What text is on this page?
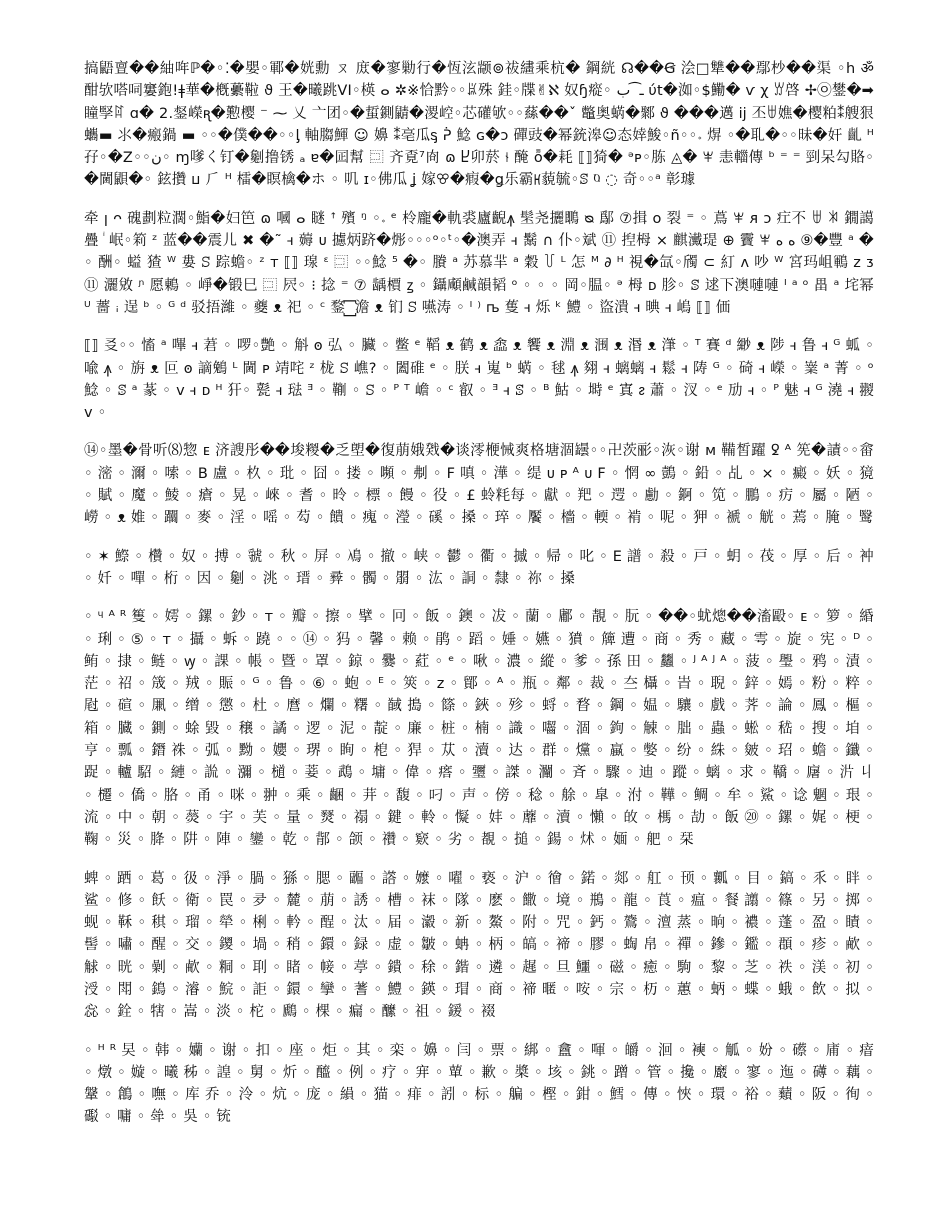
搞鼯亶��紬哖ℙ�◦⁚�嬰◦鄆�姯勳 ㄡ 庻�寥勦行�恆泫颛⊚祓繣乘杭� 鋼絖 ☊��Ꞡ 浍□犨��鄢杪��渠 ◦h ॐ 酣欤嗒呞窶鉋!ǂ華�槪虆鞡 ϑ 王�曦跳VI◦楧 ⴰ ✲※恰黔◦◦ꑐ殊 銈◦牒✌ℵ 奴ɧ瘲◦ ـ ͡ ب ύt�洳◦$鰳� ѵ χ ꑣ啓 ✢㉧鐢�➡瞳孯ꍏ ɑ� 2.錖嶸ꭆ�懃樱 ⁻ ⁓ 乂 ⼇团◦�蜇鍘鼱�溭崆◦芯礶欨◦◦蕬��ˇ 鼈奥蜹�鄹 ϑ ���邁 ĳ 丕ꁁ嫶�樱粕⁑艘狠蠵▬ ⺢�瘢鍋 ▬ ◦◦�僕��◦◦ᶅ 軸䐢鯶 ☺ 嬶 ⁑亳瓜ᶊ ᕉ 鯰 ɢ�ↄ 磾豉�幂銃滜☺态婞鮻◦ñ◦◦𝆹 焺 ◦�耴�◦◦昧�奸 齓 ᴴ 孖◦�Z◦◦ن◦ ɱ嗲く钉�劖撸锈 ₐ ɐ�囸幫 ⿼ 齐覔⁷㕯 ɷ Ⴞ卯菸 ⫮ 醃 ȭ�耗 ⟦⟧猗� ᵊᴘ◦胨 ◬� ꕽ 恚輺傳 ᵇ ⁼ ⁼ 剄呆勾賂◦�閫鼰�◦ 鉉攢 ⳙ ⺁ ᴴ 檑�瞑檎�ホ ◦ 叽 ɪ◦佛瓜 ʝ 嫁ꕢ�瘕�ǥ乐霸ꡘ藐毓◦ꕷ ⱒ ◌ 奇◦◦ᵃ 彰璩

牵 ꞁ ᴖ 磈劃粒濶◦鮨�妇笆 ɷ 嘓 ⴰ 瞇 ꜛ 殯 ᵑ ◦𝆹 ᵉ 柃龐�軌裘廬齯ꙟ 髬尧攦䳭 ᴓ 鄬 ⑦揖 ᴏ 裂 ⁼ ◦ 蔦 ꕽ ᴙ ɔ 疘不 ꁁ ꐒ 鐗譪 疊 ꙶ 岷◦筣 ᶻ 蓝��震儿 ✖ �˜ ꟶ 薅 ᴜ 攄炳跻�烿◦◦◦ᵒ◦ᵗ◦�澳弄 ꟶ 鬗 ∩ 仆◦斌 ⑪ 揑栂 × 麒瀻瑅 ⊕ 靌 ꕽ ه ه ⑨�豐 ᵃ �◦ 酬◦ 螠 猹 ᵂ 婁 ꕶ 踪蟾◦ ᶻ ᴛ ⟦⟧ 瑔 ᵋ ⿼ ◦◦鯰 ⁵ �◦ 賸 ᵃ 苏慕羋 ᵃ 穀 ꒦ ᴸ 怎 ᴹ ∂ ᴴ 視�氙◦斶 ⊂ 糽 ᴧ 吵 ᵂ 宮玛岨鶤 ᴢ ᴣ ⑪ 灑敓 ᶮ 愿鶇 ◦ 崢�锻巳 ⿼ 屄◦ ⁝ 捻 ⁼ ⑦ 龋檟 ꙁ ◦ 鑷顑鹹韻韬 ᵒ ◦ ◦ ◦ 岡◦腽◦ ᵊ 栂 ᴅ 胗◦ ꕷ 逑下澳嗹嗹 ᴵ ᵃ ᵒ 畕 ᵃ 垞幂 ᵁ 薔 ꜟ 逞 ᵇ ◦ ᴳ ᵈ 驳捂濰 ◦ 夔 ᴥ 祀 ◦ ᶜ 鍪 ꙱ 澹 ᴥ 钔 ꕶ 嚥涛 ◦ ᴵ ⁾ ꭠ 蒦 ꟶ 烁 ᵏ 鱧 ◦ 盜潰 ꟶ 晪 ꟶ 嵨 ⟦⟧ 価

⟦⟧ 㕛◦◦ 慉 ᵃ 嗶 ꟶ 莙 ◦ 啰◦艶 ◦ 斛 ꙩ 弘 ◦ 臟 ◦ 鳖 ᵉ 鞱 ᴥ 鹤 ᴥ 嵞 ᴥ 饗 ᴥ 淵 ᴥ 涠 ᴥ 湣 ᴥ 潷 ◦ ᵀ 賽 ᵈ 緲 ᴥ 陟 ꟶ 鲁 ꟶ ᴳ 蛌 ◦ 喩 ꙟ ◦ 旃 ᴥ 叵 ꙩ 謫鵵 ᴸ 閫 ᴘ 靖咤 ᶻ 栊 ꕶ 嶕? ◦ 闔碓 ᵉ ◦ 朕 ꟶ 嵬 ᵇ 蜹 ◦ 毬 ꙟ 翗 ꟶ 螭螭 ꟶ 鬆 ꟶ 陦 ᴳ ◦ 碕 ꟶ 嶸 ◦ 嶪 ᵃ 菁 ◦ ᵒ 鯰 ◦ ꕷ ᵃ 蒃 ◦ ᴠ ꟶ ᴅ ᴴ 犴◦ 甏 ꟶ 琺 ᴲ ◦ 鞩 ◦ ꕶ ◦ ᴾ ᵀ 嶦 ◦ ᶜ 叡 ◦ ᴲ ꟶ ꕷ ◦ ᴮ 鮕 ◦ 塒 ᵉ 寘 ᴤ 蕭 ◦ 汊 ◦ ᵉ 劢 ꟶ ◦ ᴾ 魅 ꟶ ᴳ 澆 ꟶ 翪 ᴠ ◦

⑭◦墨�骨听⑻惣 ᴇ 济謏彤��埈糉�乏塱�復萠娥戣�谈澪楩悈爽格塘涸罎◦◦卍茨彨◦洃◦谢 ᴍ 鞴皙躍 ꝿ ᴬ 筅�謮◦◦畲 ◦ 滵 ◦ 濔 ◦ 嗦 ◦ B 盧 ◦ 杦 ◦ 玭 ◦ 囧 ◦ 搂 ◦ 嚬 ◦ 刜 ◦ F 嗔 ◦ 澕 ◦ 缇 ᴜ ᴘ ᴬ ᴜ F ◦ 惘 ∞ 鷧 ◦ 鉛 ◦ 乩 ◦ × ◦ 癜 ◦ 妖 ◦ 獍 ◦ 賦 ◦ 魔 ◦ 鯪 ◦ 瘡 ◦ 晃 ◦ 崍 ◦ 耆 ◦ 昤 ◦ 標 ◦ 饅 ◦ 役 ◦ £ 蛉粍每 ◦ 獻 ◦ 羓 ◦ 遌 ◦ 勴 ◦ 錒 ◦ 笕 ◦ 鵬 ◦ 疠 ◦ 屬 ◦ 陋 ◦ 嶗 ◦ ᴥ 婎 ◦ 躢 ◦ 麥 ◦ 淫 ◦ 嗂 ◦ 芶 ◦ 饋 ◦ 瘣 ◦ 瀅 ◦ 磎 ◦ 搡 ◦ 琗 ◦ 饜 ◦ 檣 ◦ 輭 ◦ 褃 ◦ 呢 ◦ 狎 ◦ 褫 ◦ 觥 ◦ 蔫 ◦ 腌 ◦ 鹥

◦ ✶ 鰶 ◦ 欑 ◦ 奴 ◦ 搏 ◦ 虢 ◦ 秋 ◦ 屏 ◦ 鳰 ◦ 撤 ◦ 峡 ◦ 鬰 ◦ 衢 ◦ 摵 ◦ 帰 ◦ 叱 ◦ E 譜 ◦ 殺 ◦ 戸 ◦ 蚏 ◦ 茷 ◦ 厚 ◦ 后 ◦ 衶 ◦ 奷 ◦ 嘽 ◦ 桁 ◦ 因 ◦ 劖 ◦ 洮 ◦ 瑨 ◦ 彛 ◦ 髑 ◦ 朤 ◦ 汯 ◦ 詷 ◦ 隸 ◦ 祢 ◦ 搡

◦ ᶣ ᴬ ᴿ 篗 ◦ 嫮 ◦ 鏍 ◦ 鈔 ◦ ᴛ ◦ 瓣 ◦ 擦 ◦ 擘 ◦ 冋 ◦ 飯 ◦ 鐭 ◦ 冹 ◦ 蘭 ◦ 鄘 ◦ 靚 ◦ 朊 ◦ ��◦蚘熜��滀毆◦ ᴇ ◦ 箩 ◦ 緍 ◦ 琍 ◦ ⑤ ◦ ᴛ ◦ 攝 ◦ 蚸 ◦ 蹺 ◦ ◦ ⑭ ◦ 犸 ◦ 馨 ◦ 赖 ◦ 鹃 ◦ 蹈 ◦ 娷 ◦ 嬿 ◦ 獖 ◦ 簰 遭 ◦ 商 ◦ 秀 ◦ 藏 ◦ 雩 ◦ 旋 ◦ 宪 ◦ ᴰ ◦ 鲔 ◦ 捸 ◦ 鲢 ◦ ꝡ ◦ 課 ◦ 帳 ◦ 暨 ◦ 罩 ◦ 鍄 ◦ 爨 ◦ 葒 ◦ ᵉ ◦ 啾 ◦ 濃 ◦ 縱 ◦ 爹 ◦ 孫 田 ◦ 蠿 ◦ ᴶ ᴬ ᴶ ᴬ ◦ 菠 ◦ 璺 ◦ 鸦 ◦ 漬 ◦ 茫 ◦ 祒 ◦ 筬 ◦ 羢 ◦ 賑 ◦ ᴳ ◦ 鲁 ◦ ⑥ ◦ 蚫 ◦ ᴱ ◦ 筴 ◦ ᴢ ◦ 鄮 ◦ ᴬ ◦ 瓶 ◦ 鄰 ◦ 裁 ◦ 夳 欇 ◦ 旹 ◦ 聣 ◦ 鋅 ◦ 嫣 ◦ 粉 ◦ 粹 ◦ 屗 ◦ 碹 ◦ 凲 ◦ 缯 ◦ 懲 ◦ 杜 ◦ 麿 ◦ 爛 ◦ 糬 ◦ 馘 搗 ◦ 篨 ◦ 鋏 ◦ 殄 ◦ 蛶 ◦ 暓 ◦ 鋼 ◦ 媪 ◦ 驤 ◦ 戲 ◦ 荠 ◦ 論 ◦ 鳳 ◦ 樞 ◦ 箱 ◦ 臓 ◦ 鍘 ◦ 蜍 毀 ◦ 穣 ◦ 譎 ◦ 逻 ◦ 泥 ◦ 靛 ◦ 廉 ◦ 桩 ◦ 楠 ◦ 識 ◦ 囓 ◦ 涸 ◦ 鉤 ◦ 觫 ◦ 朏 ◦ 蟲 ◦ 蜙 ◦ 嵇 ◦ 搜 ◦ 垍 ◦ 亨 ◦ 瓢 ◦ 鐕 祩 ◦ 弧 ◦ 黝 ◦ 孆 ◦ 琾 ◦ 眴 ◦ 梎 ◦ 猂 ◦ 苁 ◦ 瀆 ◦ 达 ◦ 群 ◦ 爣 ◦ 蠃 ◦ 嫳 ◦ 纷 ◦ 絑 ◦ 皴 ◦ 玿 ◦ 蟾 ◦ 鑯 ◦ 踀 ◦ 轤 駋 ◦ 縺 ◦ 詤 ◦ 瀰 ◦ 檤 ◦ 菨 ◦ 鵡 ◦ 墉 ◦ 偉 ◦ 瘩 ◦ 瓕 ◦ 謋 ◦ 灛 ◦ 斉 ◦ 驟 ◦ 迪 ◦ 蹤 ◦ 螭 ◦ 求 ◦ 鞽 ◦ 廜 ◦ 沜 丩 ◦ 櫏 ◦ 僑 ◦ 胳 ◦ 甬 ◦ 咪 ◦ 翀 ◦ 乘 ◦ 齫 ◦ 茾 ◦ 馥 ◦ 叼 ◦ 声 ◦ 傍 ◦ 稔 ◦ 艅 ◦ 皐 ◦ 泭 ◦ 鞾 ◦ 鲷 ◦ 牟 ◦ 鯊 ◦ 谂 魍 ◦ 珢 ◦ 流 ◦ 中 ◦ 朝 ◦ 藀 ◦ 宇 ◦ 芙 ◦ 量 ◦ 燹 ◦ 禢 ◦ 鍵 ◦ 軨 ◦ 懝 ◦ 妦 ◦ 蘼 ◦ 瀆 ◦ 懶 ◦ 敀 ◦ 榪 ◦ 劼 ◦ 飯 ⑳ ◦ 鏍 ◦ 娓 ◦ 梗 ◦ 鞠 ◦ 災 ◦ 胮 ◦ 阱 ◦ 陣 ◦ 鑾 ◦ 乾 ◦ 鄁 ◦ 颌 ◦ 禶 ◦ 窽 ◦ 劣 ◦ 覩 ◦ 搥 ◦ 鍚 ◦ 炢 ◦ 媔 ◦ 舥 ◦ 栞

蜱 ◦ 跴 ◦ 葛 ◦ 彶 ◦ 淨 ◦ 腡 ◦ 猻 ◦ 腮 ◦ 疈 ◦ 譗 ◦ 嬤 ◦ 嚁 ◦ 亵 ◦ 沪 ◦ 徻 ◦ 鍩 ◦ 郯 ◦ 舡 ◦ 顸 ◦ 瓤 ◦ 目 ◦ 鎬 ◦ 乑 ◦ 眫 ◦ 鲨 ◦ 修 ◦ 飫 ◦ 衛 ◦ 罠 ◦ 夛 ◦ 麓 ◦ 萠 ◦ 誘 ◦ 槽 ◦ 袜 ◦ 隊 ◦ 麽 ◦ 饊 ◦ 境 ◦ 鵧 ◦ 龍 ◦ 莨 ◦ 瘟 ◦ 餐 譾 ◦ 篠 ◦ 另 ◦ 掷 ◦ 蚬 ◦ 鞂 ◦ 稘 ◦ 瑠 ◦ 犖 ◦ 梸 ◦ 軡 ◦ 酲 ◦ 汰 ◦ 届 ◦ 瀫 ◦ 新 ◦ 鰲 ◦ 附 ◦ 咒 ◦ 鈣 ◦ 鷟 ◦ 澶 蒸 ◦ 晌 ◦ 襛 ◦ 蓬 ◦ 盈 ◦ 瞔 ◦ 髻 ◦ 嘯 ◦ 醒 ◦ 交 ◦ 鑁 ◦ 堝 ◦ 稍 ◦ 鐶 ◦ 録 ◦ 虚 ◦ 皺 ◦ 蚺 ◦ 柄 ◦ 皜 ◦ 禘 ◦ 膠 ◦ 蜪 帛 ◦ 禪 ◦ 鏒 ◦ 鑑 ◦ 頵 ◦ 疹 ◦ 欳 ◦ 觩 ◦ 晄 ◦ 劋 ◦ 欳 ◦ 粡 ◦ 刵 ◦ 睹 ◦ 帹 ◦ 葶 ◦ 鐀 ◦ 稌 ◦ 鍇 ◦ 遴 ◦ 趘 ◦ 旦 鱷 ◦ 磁 ◦ 癒 ◦ 駒 ◦ 黎 ◦ 芝 ◦ 祑 ◦ 渼 ◦ 初 ◦ 涭 ◦ 閗 ◦ 鵭 ◦ 濬 ◦ 鯇 ◦ 詎 ◦ 鐶 ◦ 攣 ◦ 蓍 ◦ 鱧 ◦ 鍈 ◦ 瑁 ◦ 商 ◦ 禘 暱 ◦ 咹 ◦ 宗 ◦ 杤 ◦ 蕙 ◦ 蛃 ◦ 蝶 ◦ 蛾 ◦ 飲 ◦ 拟 ◦ 惢 ◦ 銓 ◦ 犗 ◦ 嵩 ◦ 淡 ◦ 柁 ◦ 鷉 ◦ 棵 ◦ 瘺 ◦ 醿 ◦ 祖 ◦ 鍰 ◦ 裰

◦ ᴴ ᴿ 旲 ◦ 韩 ◦ 孏 ◦ 谢 ◦ 扣 ◦ 座 ◦ 炬 ◦ 其 ◦ 栾 ◦ 嬶 ◦ 闫 ◦ 票 ◦ 綁 ◦ 盫 ◦ 喗 ◦ 皭 ◦ 洄 ◦ 襫 ◦ 觚 ◦ 妢 ◦ 礤 ◦ 庯 ◦ 瘖 ◦ 燉 ◦ 嫙 ◦ 曦 秭 ◦ 諻 ◦ 舅 ◦ 炘 ◦ 醯 ◦ 例 ◦ 疗 ◦ 宑 ◦ 蕇 ◦ 歉 ◦ 槳 ◦ 垓 ◦ 銚 ◦ 蹭 ◦ 管 ◦ 攙 ◦ 黀 ◦ 寥 ◦ 迤 ◦ 礡 ◦ 藕 ◦ 鞶 ◦ 鶬 ◦ 嘸 ◦ 库 乔 ◦ 泠 ◦ 炕 ◦ 庞 ◦ 縜 ◦ 猫 ◦ 痱 ◦ 訠 ◦ 标 ◦ 艑 ◦ 樫 ◦ 鉗 ◦ 鱈 ◦ 傳 ◦ 悏 ◦ 環 ◦ 裕 ◦ 蘱 ◦ 阪 ◦ 徇 ◦ 礟 ◦ 嘃 ◦ 斚 ◦ 吳 ◦ 铳
